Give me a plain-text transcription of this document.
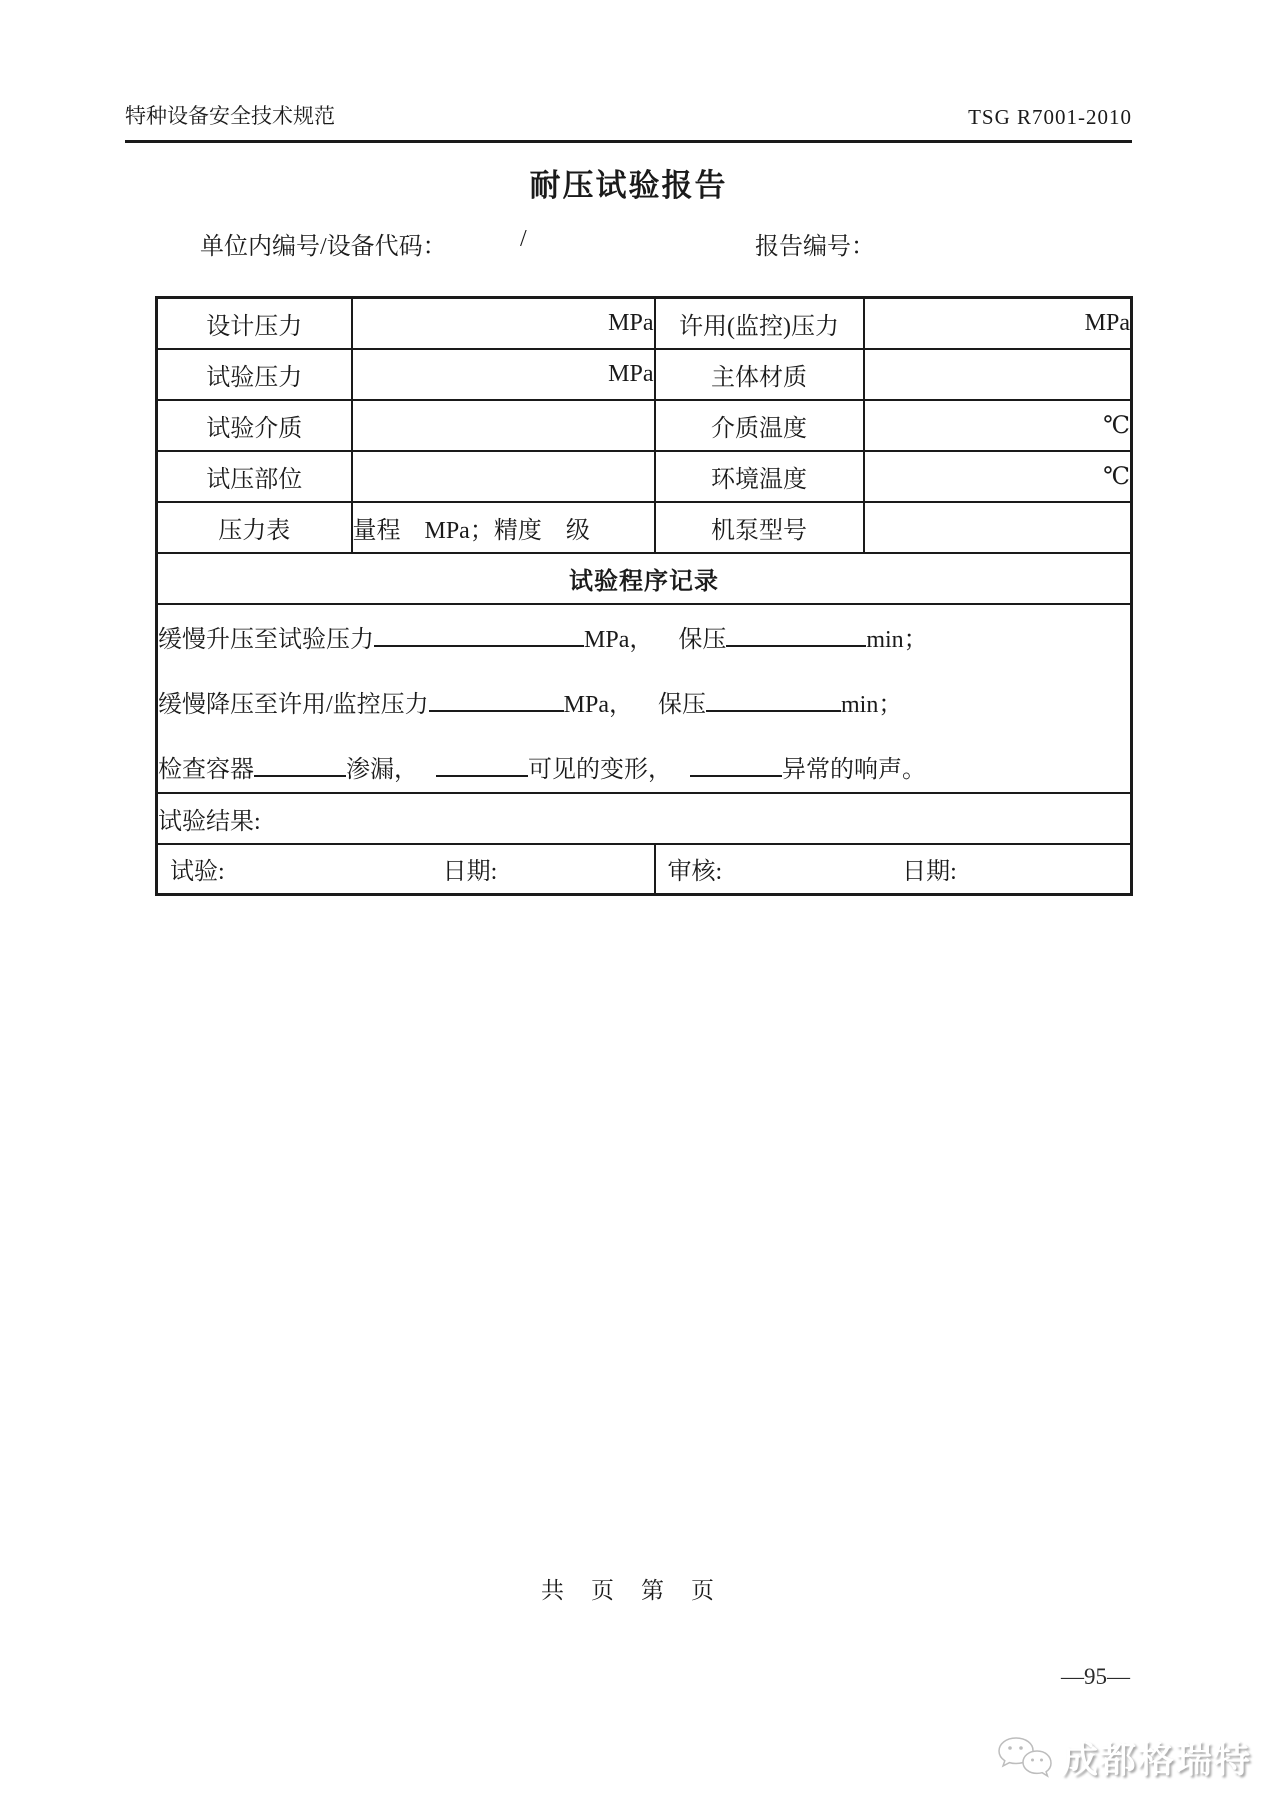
特种设备安全技术规范	TSG R7001-2010
耐压试验报告
单位内编号/设备代码：	/	报告编号：
设计压力	MPa	许用(监控)压力	MPa
试验压力	MPa	主体材质	
试验介质		介质温度	℃
试压部位		环境温度	℃
压力表	量程　MPa；精度　级	机泵型号	
试验程序记录			

缓慢升压至试验压力 MPa， 保压 min；
缓慢降压至许用/监控压力 MPa， 保压 min；
检查容器 渗漏， 可见的变形， 异常的响声。			

试验结果:			

试验: 日期:		审核: 日期:	
共　页　第　页
—95—
成都格瑞特
